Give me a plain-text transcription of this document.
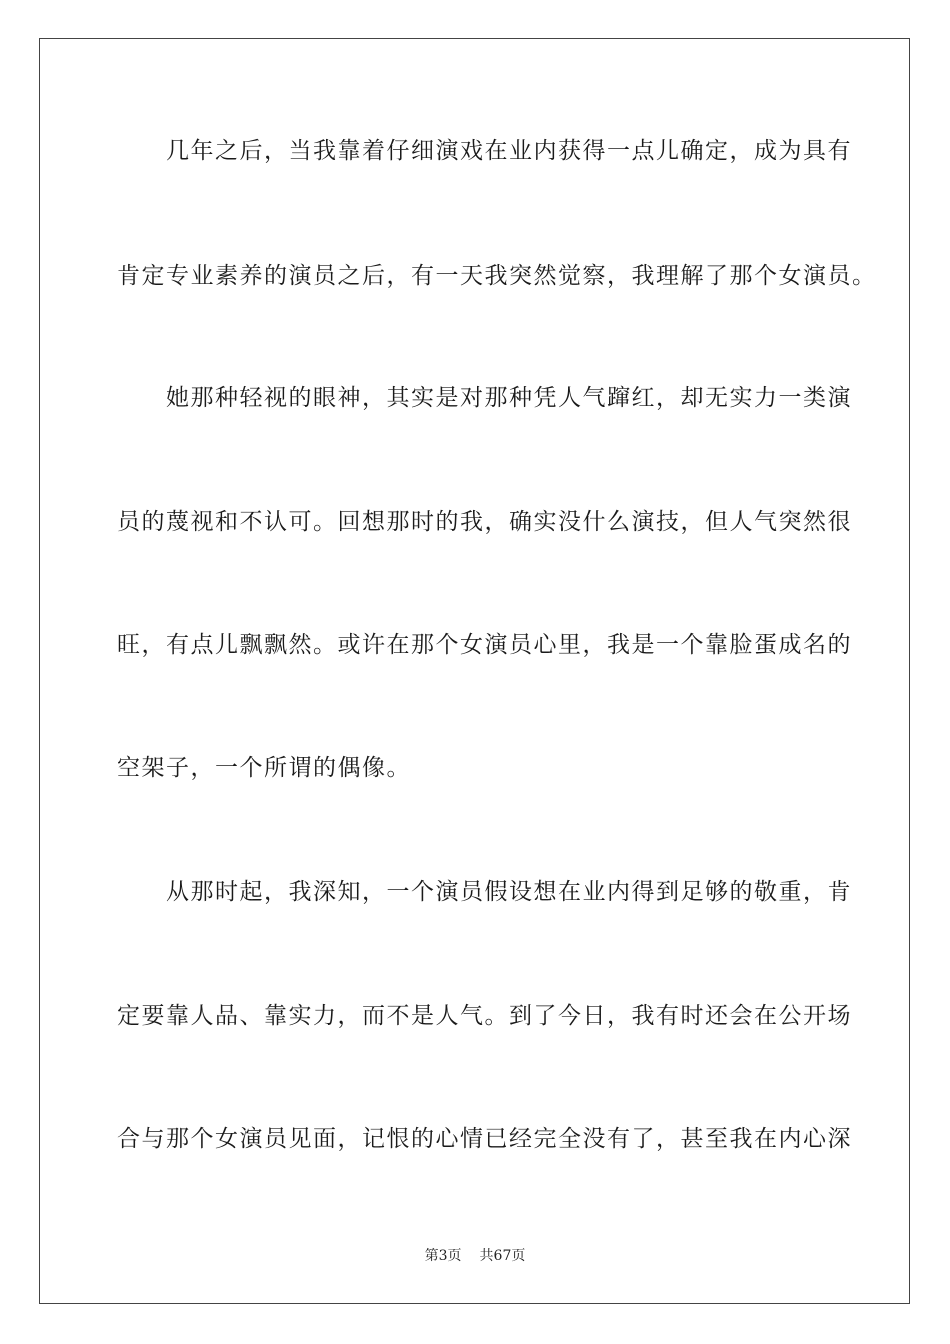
　　几年之后，当我靠着仔细演戏在业内获得一点儿确定，成为具有
肯定专业素养的演员之后，有一天我突然觉察，我理解了那个女演员。
　　她那种轻视的眼神，其实是对那种凭人气蹿红，却无实力一类演
员的蔑视和不认可。回想那时的我，确实没什么演技，但人气突然很
旺，有点儿飘飘然。或许在那个女演员心里，我是一个靠脸蛋成名的
空架子，一个所谓的偶像。
　　从那时起，我深知，一个演员假设想在业内得到足够的敬重，肯
定要靠人品、靠实力，而不是人气。到了今日，我有时还会在公开场
合与那个女演员见面，记恨的心情已经完全没有了，甚至我在内心深
第3页 共67页
